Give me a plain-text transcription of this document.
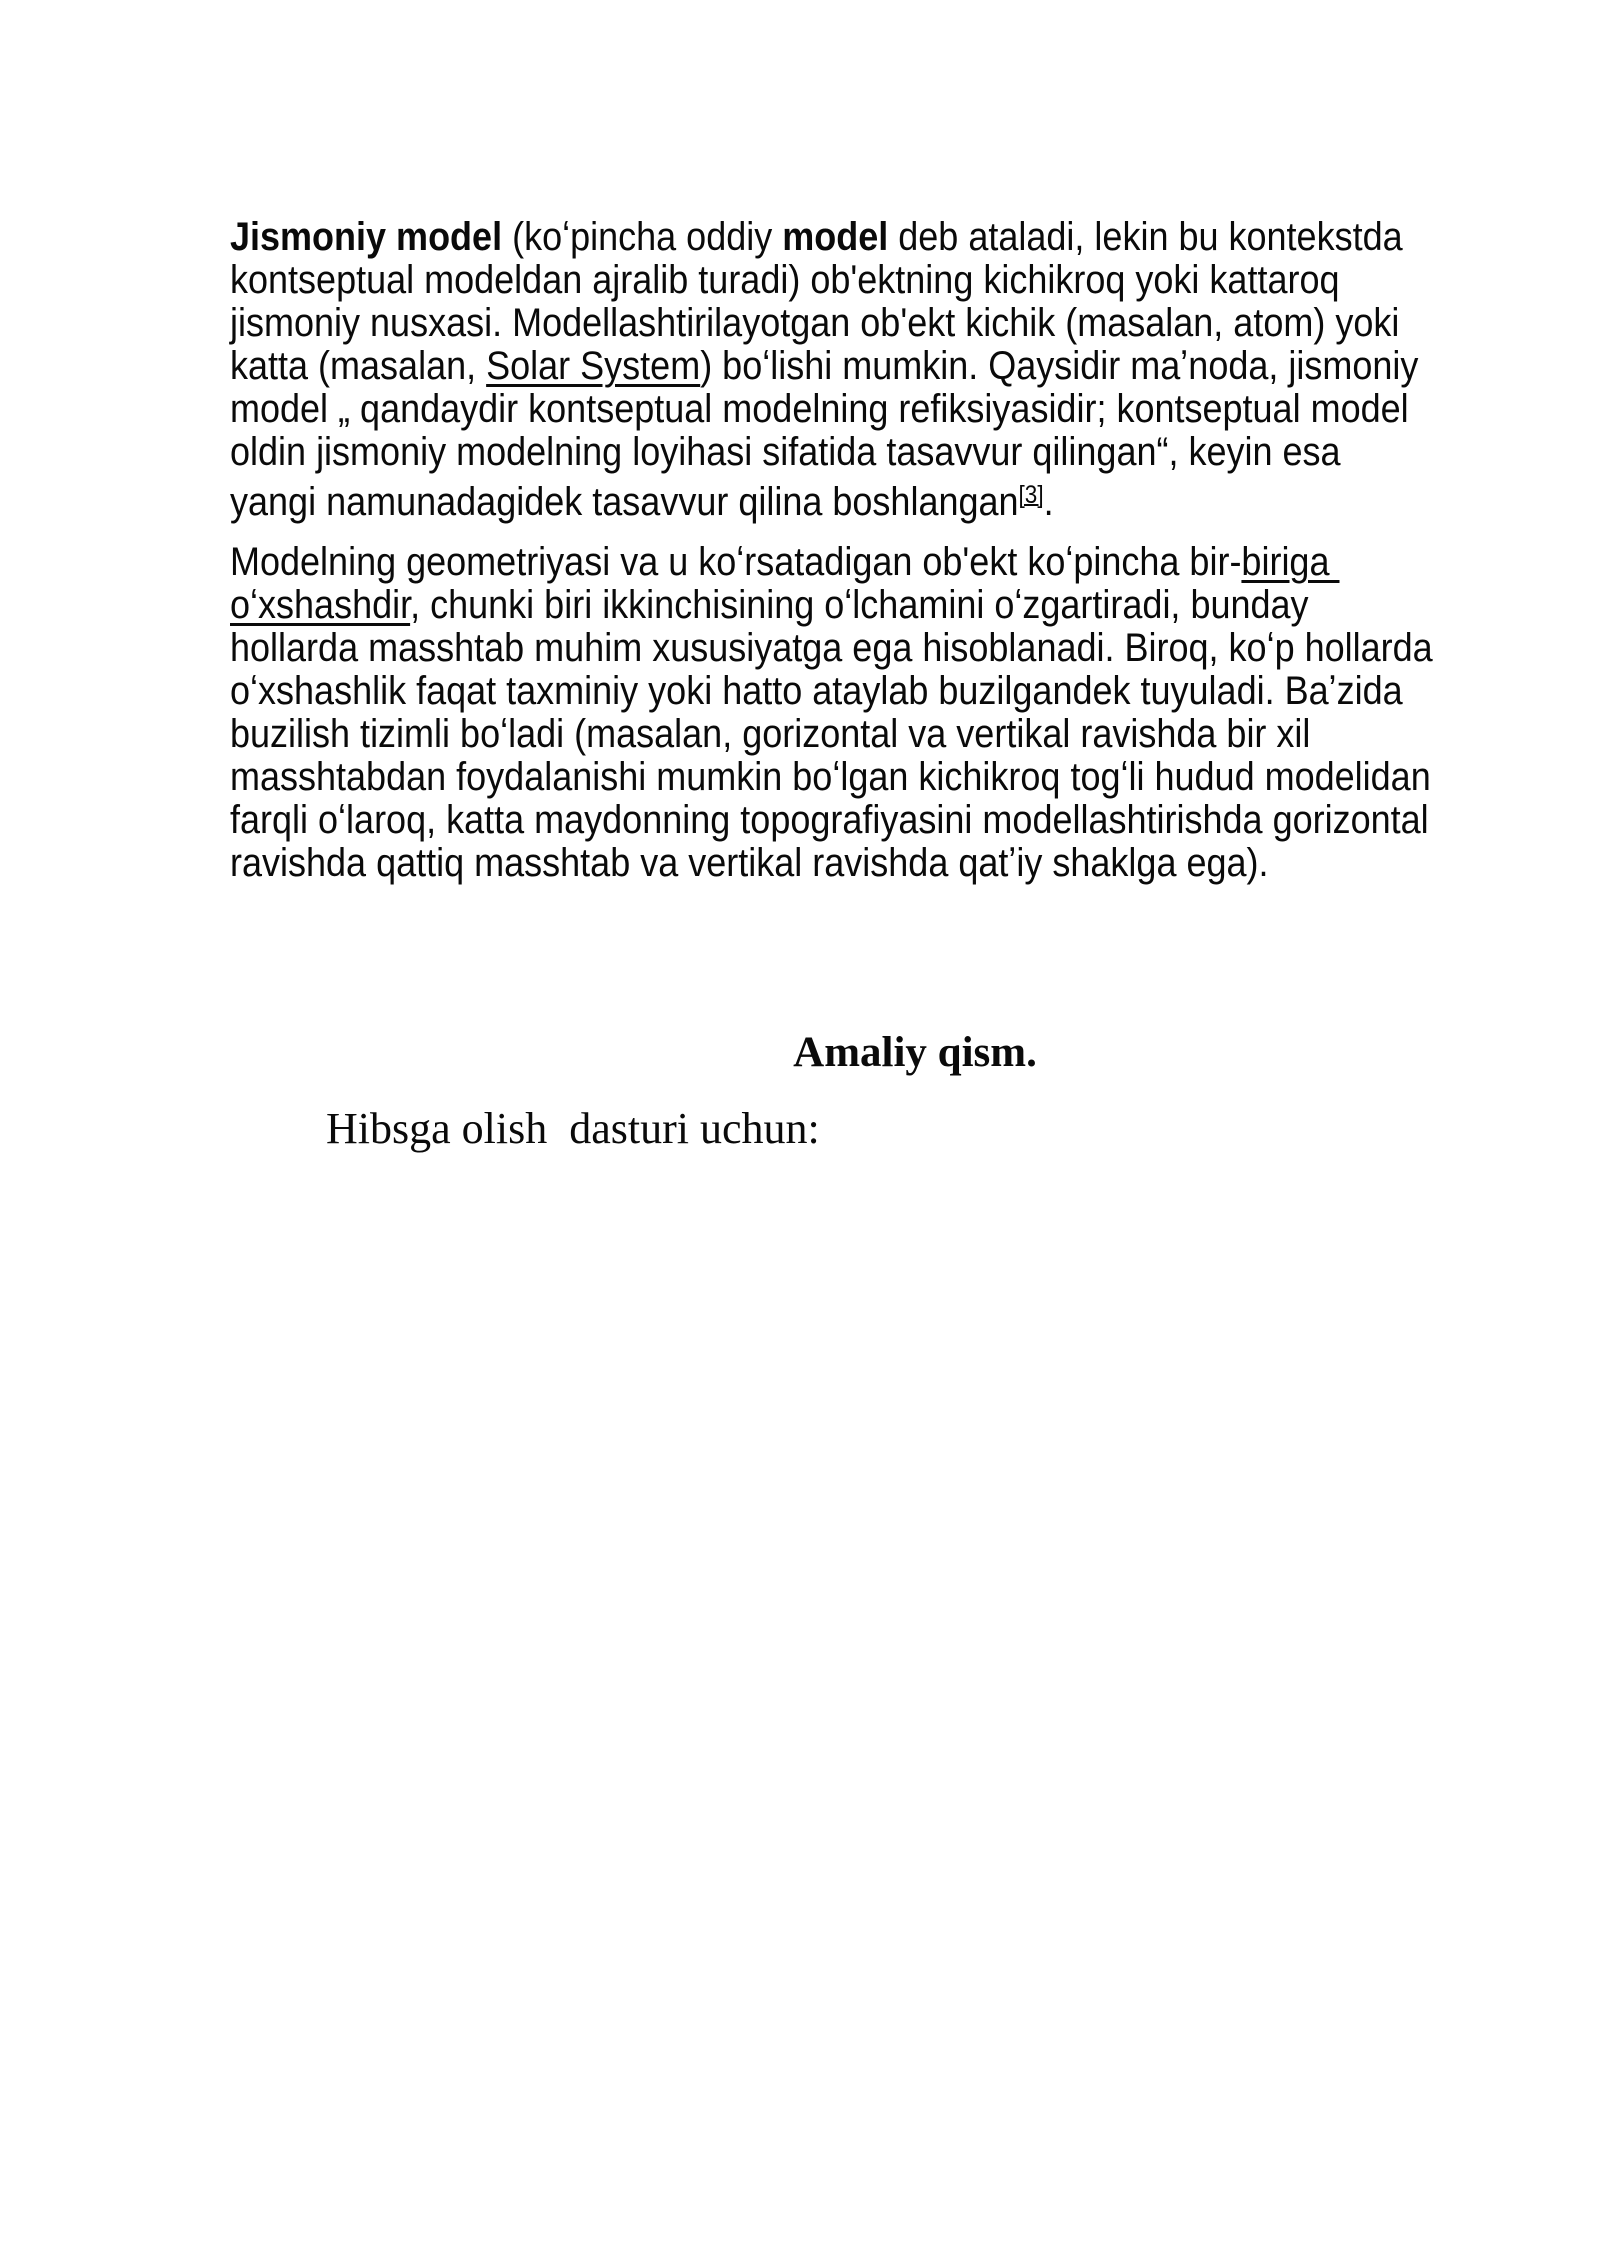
Jismoniy model (koʻpincha oddiy model deb ataladi, lekin bu kontekstda
kontseptual modeldan ajralib turadi) ob'ektning kichikroq yoki kattaroq
jismoniy nusxasi. Modellashtirilayotgan ob'ekt kichik (masalan, atom) yoki
katta (masalan, Solar System) boʻlishi mumkin. Qaysidir maʼnoda, jismoniy
model „ qandaydir kontseptual modelning refiksiyasidir; kontseptual model
oldin jismoniy modelning loyihasi sifatida tasavvur qilingan“, keyin esa
yangi namunadagidek tasavvur qilina boshlangan[3].
Modelning geometriyasi va u koʻrsatadigan ob'ekt koʻpincha bir-biriga
oʻxshashdir, chunki biri ikkinchisining oʻlchamini oʻzgartiradi, bunday
hollarda masshtab muhim xususiyatga ega hisoblanadi. Biroq, koʻp hollarda
oʻxshashlik faqat taxminiy yoki hatto ataylab buzilgandek tuyuladi. Baʼzida
buzilish tizimli boʻladi (masalan, gorizontal va vertikal ravishda bir xil
masshtabdan foydalanishi mumkin boʻlgan kichikroq togʻli hudud modelidan
farqli oʻlaroq, katta maydonning topografiyasini modellashtirishda gorizontal
ravishda qattiq masshtab va vertikal ravishda qatʼiy shaklga ega).
Amaliy qism.
Hibsga olish  dasturi uchun:
